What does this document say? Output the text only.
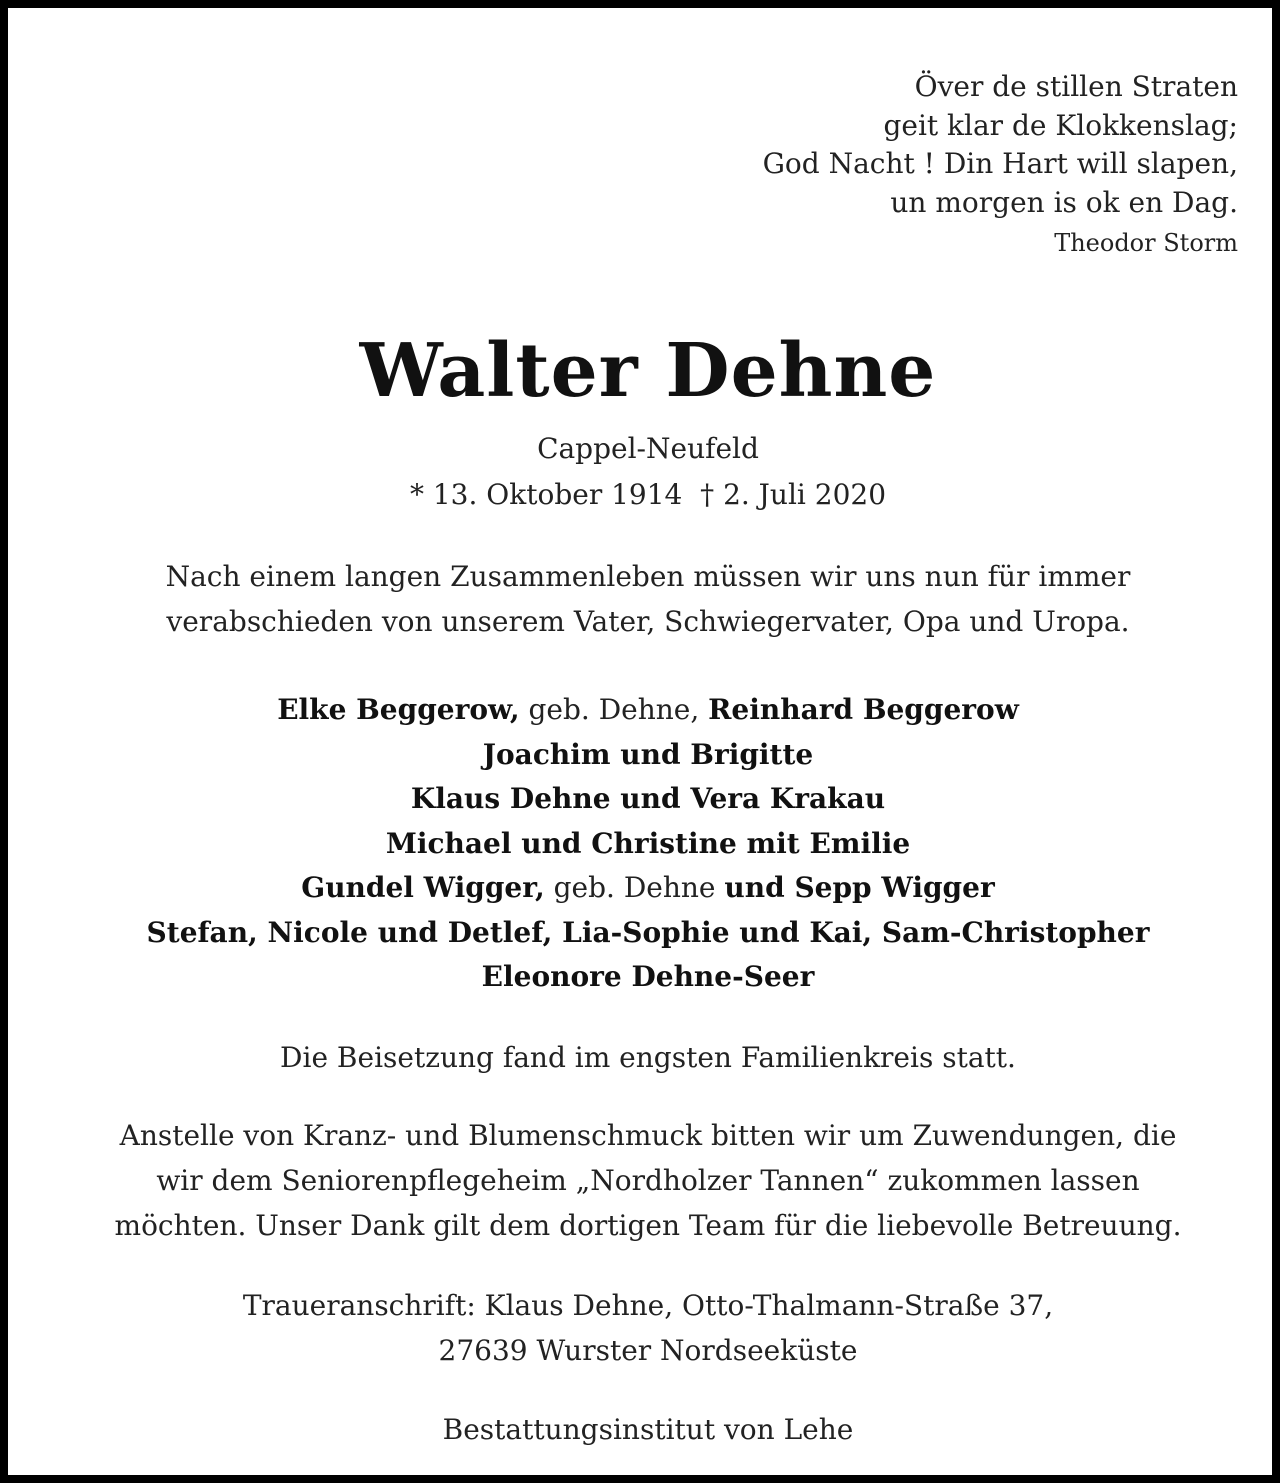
Över de stillen Straten
geit klar de Klokkenslag;
God Nacht ! Din Hart will slapen,
un morgen is ok en Dag.
Theodor Storm
Walter Dehne
Cappel-Neufeld
* 13. Oktober 1914  † 2. Juli 2020
Nach einem langen Zusammenleben müssen wir uns nun für immer
verabschieden von unserem Vater, Schwiegervater, Opa und Uropa.
Elke Beggerow, geb. Dehne, Reinhard Beggerow
Joachim und Brigitte
Klaus Dehne und Vera Krakau
Michael und Christine mit Emilie
Gundel Wigger, geb. Dehne und Sepp Wigger
Stefan, Nicole und Detlef, Lia-Sophie und Kai, Sam-Christopher
Eleonore Dehne-Seer
Die Beisetzung fand im engsten Familienkreis statt.
Anstelle von Kranz- und Blumenschmuck bitten wir um Zuwendungen, die
wir dem Seniorenpflegeheim „Nordholzer Tannen“ zukommen lassen
möchten. Unser Dank gilt dem dortigen Team für die liebevolle Betreuung.
Traueranschrift: Klaus Dehne, Otto-Thalmann-Straße 37,
27639 Wurster Nordseeküste
Bestattungsinstitut von Lehe
